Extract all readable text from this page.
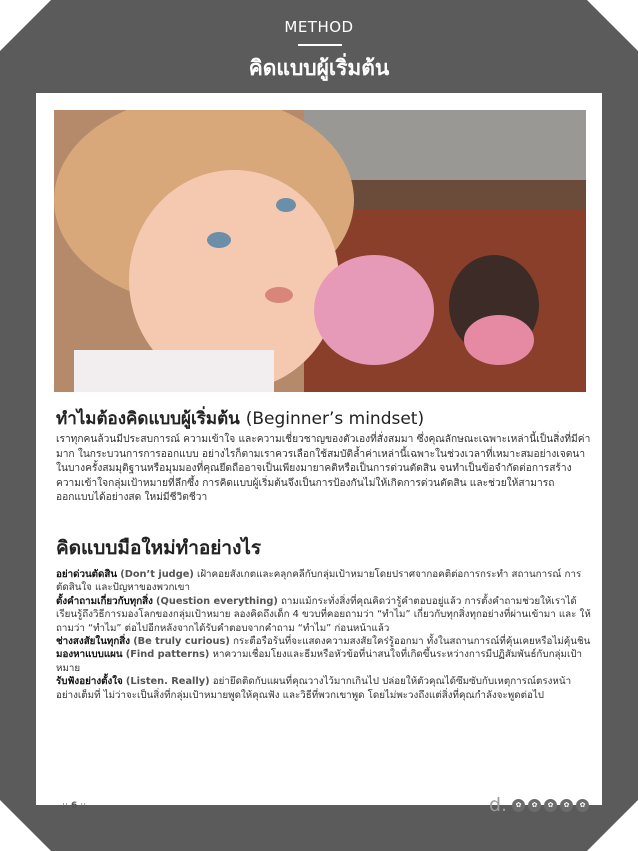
METHOD
คิดแบบผู้เริ่มต้น
ทำไมต้องคิดแบบผู้เริ่มต้น (Beginner’s mindset)
เราทุกคนล้วนมีประสบการณ์ ความเข้าใจ และความเชี่ยวชาญของตัวเองที่สั่งสมมา ซึ่งคุณลักษณะเฉพาะเหล่านี้เป็นสิ่งที่มีค่ามาก ในกระบวนการการออกแบบ อย่างไรก็ตามเราควรเลือกใช้สมบัติล้ำค่าเหล่านี้เฉพาะในช่วงเวลาที่เหมาะสมอย่างเจตนา ในบางครั้งสมมุติฐานหรือมุมมองที่คุณยึดถืออาจเป็นเพียงมายาคติหรือเป็นการด่วนตัดสิน จนทำเป็นข้อจำกัดต่อการสร้างความเข้าใจกลุ่มเป้าหมายที่ลึกซึ้ง การคิดแบบผู้เริ่มต้นจึงเป็นการป้องกันไม่ให้เกิดการด่วนตัดสิน และช่วยให้สามารถออกแบบได้อย่างสด ใหม่มีชีวิตชีวา
คิดแบบมือใหม่ทำอย่างไร
อย่าด่วนตัดสิน (Don’t judge) เฝ้าคอยสังเกตและคลุกคลีกับกลุ่มเป้าหมายโดยปราศจากอคติต่อการกระทำ สถานการณ์ การตัดสินใจ และปัญหาของพวกเขา
ตั้งคำถามเกี่ยวกับทุกสิ่ง (Question everything) ถามแม้กระทั่งสิ่งที่คุณคิดว่ารู้คำตอบอยู่แล้ว การตั้งคำถามช่วยให้เราได้เรียนรู้ถึงวิธีการมองโลกของกลุ่มเป้าหมาย ลองคิดถึงเด็ก 4 ขวบที่คอยถามว่า “ทำไม” เกี่ยวกับทุกสิ่งทุกอย่างที่ผ่านเข้ามา และ ให้ถามว่า “ทำไม” ต่อไปอีกหลังจากได้รับคำตอบจากคำถาม “ทำไม” ก่อนหน้าแล้ว
ช่างสงสัยในทุกสิ่ง (Be truly curious) กระตือรือร้นที่จะแสดงความสงสัยใคร่รู้ออกมา ทั้งในสถานการณ์ที่คุ้นเคยหรือไม่คุ้นชิน
มองหาแบบแผน (Find patterns) หาความเชื่อมโยงและธีมหรือหัวข้อที่น่าสนใจที่เกิดขึ้นระหว่างการมีปฏิสัมพันธ์กับกลุ่มเป้าหมาย
รับฟังอย่างตั้งใจ (Listen. Really) อย่ายึดติดกับแผนที่คุณวางไว้มากเกินไป ปล่อยให้ตัวคุณได้ซึมซับกับเหตุการณ์ตรงหน้าอย่างเต็มที่ ไม่ว่าจะเป็นสิ่งที่กลุ่มเป้าหมายพูดให้คุณฟัง และวิธีที่พวกเขาพูด โดยไม่พะวงถึงแต่สิ่งที่คุณกำลังจะพูดต่อไป
:: 6 ::	d.	✿	✿	✿	✿	✿
